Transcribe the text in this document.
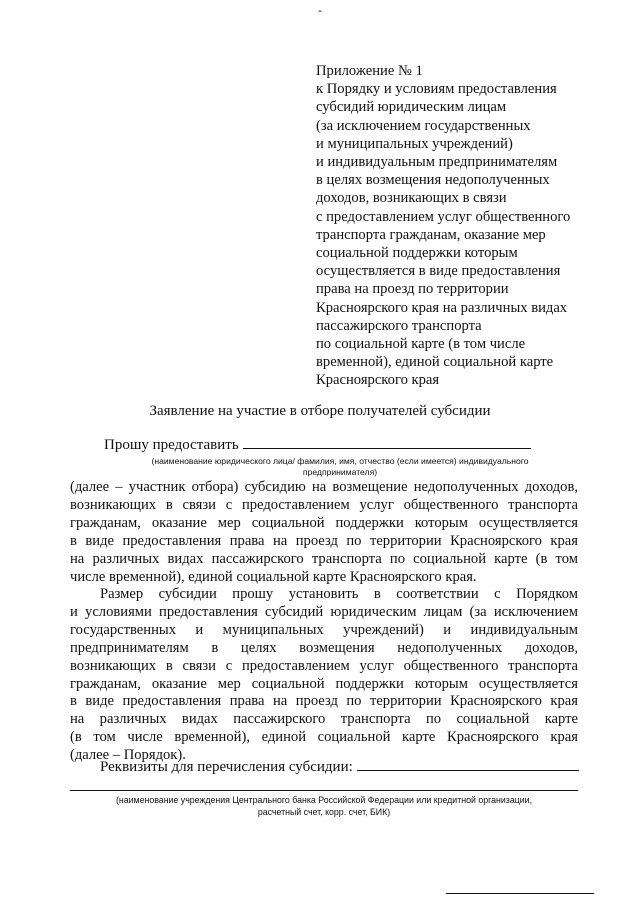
-
Приложение № 1
к Порядку и условиям предоставления
субсидий юридическим лицам
(за исключением государственных
и муниципальных учреждений)
и индивидуальным предпринимателям
в целях возмещения недополученных
доходов, возникающих в связи
с предоставлением услуг общественного
транспорта гражданам, оказание мер
социальной поддержки которым
осуществляется в виде предоставления
права на проезд по территории
Красноярского края на различных видах
пассажирского транспорта
по социальной карте (в том числе
временной), единой социальной карте
Красноярского края
Заявление на участие в отборе получателей субсидии
Прошу предоставить
(наименование юридического лица/ фамилия, имя, отчество (если имеется) индивидуального
предпринимателя)
(далее – участник отбора) субсидию на возмещение недополученных доходов,
возникающих в связи с предоставлением услуг общественного транспорта
гражданам, оказание мер социальной поддержки которым осуществляется
в виде предоставления права на проезд по территории Красноярского края
на различных видах пассажирского транспорта по социальной карте (в том
числе временной), единой социальной карте Красноярского края.
Размер субсидии прошу установить в соответствии с Порядком
и условиями предоставления субсидий юридическим лицам (за исключением
государственных и муниципальных учреждений) и индивидуальным
предпринимателям в целях возмещения недополученных доходов,
возникающих в связи с предоставлением услуг общественного транспорта
гражданам, оказание мер социальной поддержки которым осуществляется
в виде предоставления права на проезд по территории Красноярского края
на различных видах пассажирского транспорта по социальной карте
(в том числе временной), единой социальной карте Красноярского края
(далее – Порядок).
Реквизиты для перечисления субсидии:
(наименование учреждения Центрального банка Российской Федерации или кредитной организации,
расчетный счет, корр. счет, БИК)
